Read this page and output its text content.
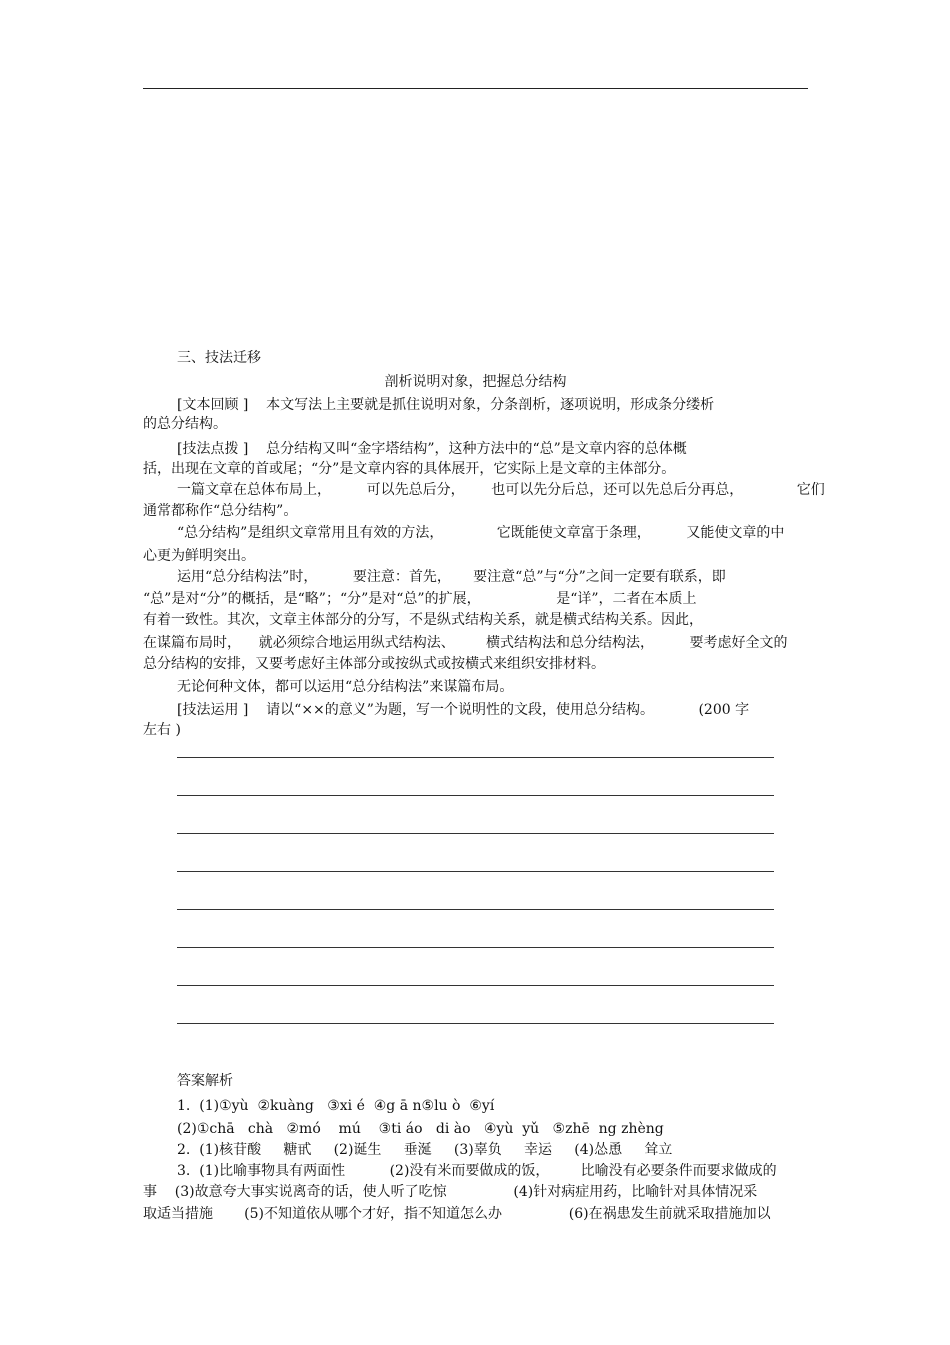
三、技法迁移
剖析说明对象，把握总分结构
[文本回顾 ]    本文写法上主要就是抓住说明对象，分条剖析，逐项说明，形成条分缕析
的总分结构。
[技法点拨 ]    总分结构又叫“金字塔结构”，这种方法中的“总”是文章内容的总体概
括，出现在文章的首或尾；“分”是文章内容的具体展开，它实际上是文章的主体部分。
一篇文章在总体布局上，        可以先总后分，      也可以先分后总，还可以先总后分再总，            它们
通常都称作“总分结构”。
“总分结构”是组织文章常用且有效的方法，            它既能使文章富于条理，        又能使文章的中
心更为鲜明突出。
运用“总分结构法”时，        要注意：首先，     要注意“总”与“分”之间一定要有联系，即
“总”是对“分”的概括，是“略”；“分”是对“总”的扩展，                 是“详”，二者在本质上
有着一致性。其次，文章主体部分的分写，不是纵式结构关系，就是横式结构关系。因此，
在谋篇布局时，    就必须综合地运用纵式结构法、       横式结构法和总分结构法，        要考虑好全文的
总分结构的安排，又要考虑好主体部分或按纵式或按横式来组织安排材料。
无论何种文体，都可以运用“总分结构法”来谋篇布局。
[技法运用 ]    请以“××的意义”为题，写一个说明性的文段，使用总分结构。          (200 字
左右 )
答案解析
1.  (1)①yù  ②kuàng   ③xi é  ④g ā n⑤lu ò  ⑥yí
(2)①chā   chà   ②mó    mú    ③ti áo   di ào   ④yù  yǔ   ⑤zhē  ng zhèng
2.  (1)核苷酸     糖甙     (2)诞生     垂涎     (3)辜负     幸运     (4)怂恿     耸立
3.  (1)比喻事物具有两面性          (2)没有米而要做成的饭，       比喻没有必要条件而要求做成的
事    (3)故意夸大事实说离奇的话，使人听了吃惊               (4)针对病症用药，比喻针对具体情况采
取适当措施       (5)不知道依从哪个才好，指不知道怎么办               (6)在祸患发生前就采取措施加以
